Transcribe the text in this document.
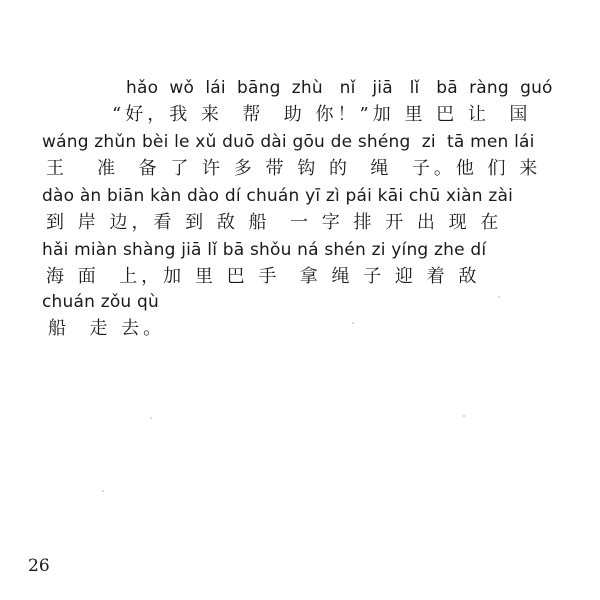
hǎo  wǒ  lái  bāng  zhù   nǐ   jiā   lǐ   bā  ràng  guó
“好，我 来  帮  助 你！”加 里 巴 让  国
wáng zhǔn bèi le xǔ duō dài gōu de shéng  zi  tā men lái
王   准  备 了 许 多 带 钩 的  绳  子。他 们 来
dào àn biān kàn dào dí chuán yī zì pái kāi chū xiàn zài
到 岸 边，看 到 敌 船  一 字 排 开 出 现 在
hǎi miàn shàng jiā lǐ bā shǒu ná shén zi yíng zhe dí
海 面  上，加 里 巴 手  拿 绳 子 迎 着 敌
chuán zǒu qù
船  走 去。
26
